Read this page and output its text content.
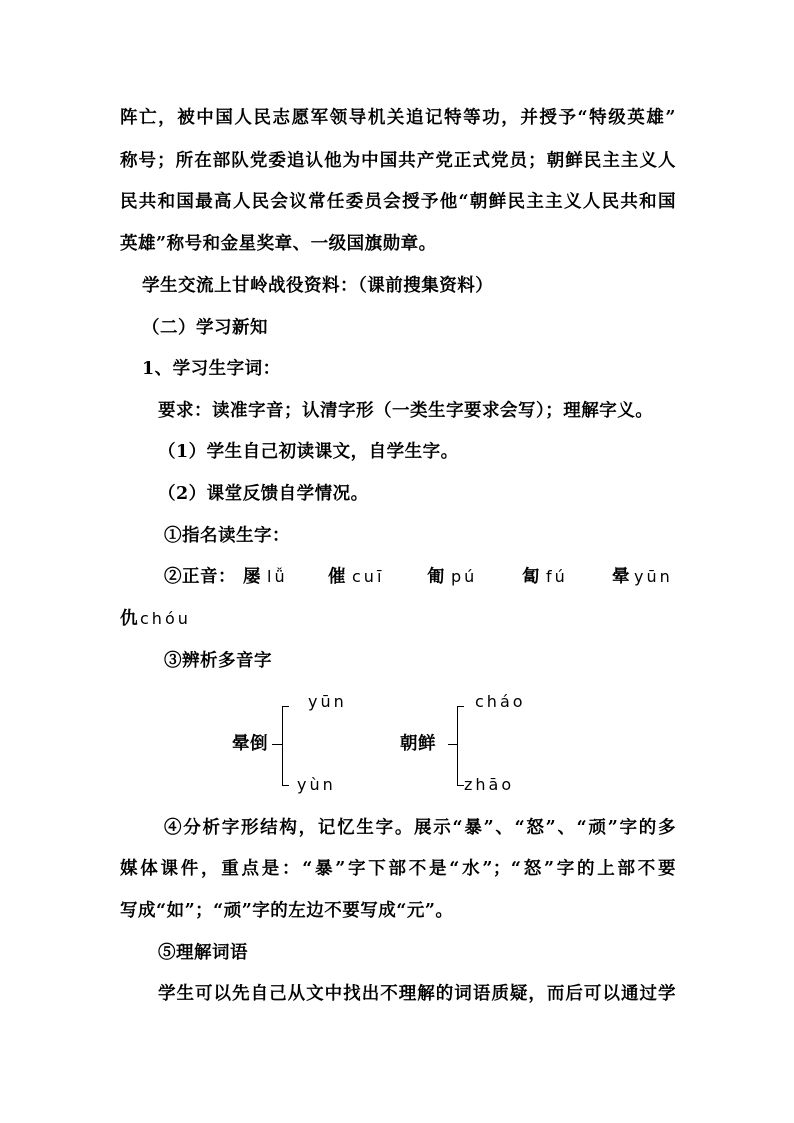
阵亡，被中国人民志愿军领导机关追记特等功，并授予“特级英雄”
称号；所在部队党委追认他为中国共产党正式党员；朝鲜民主主义人
民共和国最高人民会议常任委员会授予他“朝鲜民主主义人民共和国
英雄”称号和金星奖章、一级国旗勋章。
学生交流上甘岭战役资料：（课前搜集资料）
（二）学习新知
1、学习生字词：
要求：读准字音；认清字形（一类生字要求会写）；理解字义。
（1）学生自己初读课文，自学生字。
（2）课堂反馈自学情况。
①指名读生字：
②正音： 屡 lǚ 催 cuī 匍 pú	匐 fú	晕 yūn
仇 chóu
③辨析多音字
晕倒
yūn
yùn
朝鲜
cháo
zhāo
④分析字形结构，记忆生字。展示“暴”、“怒”、“顽”字的多
媒体课件，重点是：“暴”字下部不是“水”；“怒”字的上部不要
写成“如”；“顽”字的左边不要写成“元”。
⑤理解词语
学生可以先自己从文中找出不理解的词语质疑，而后可以通过学
